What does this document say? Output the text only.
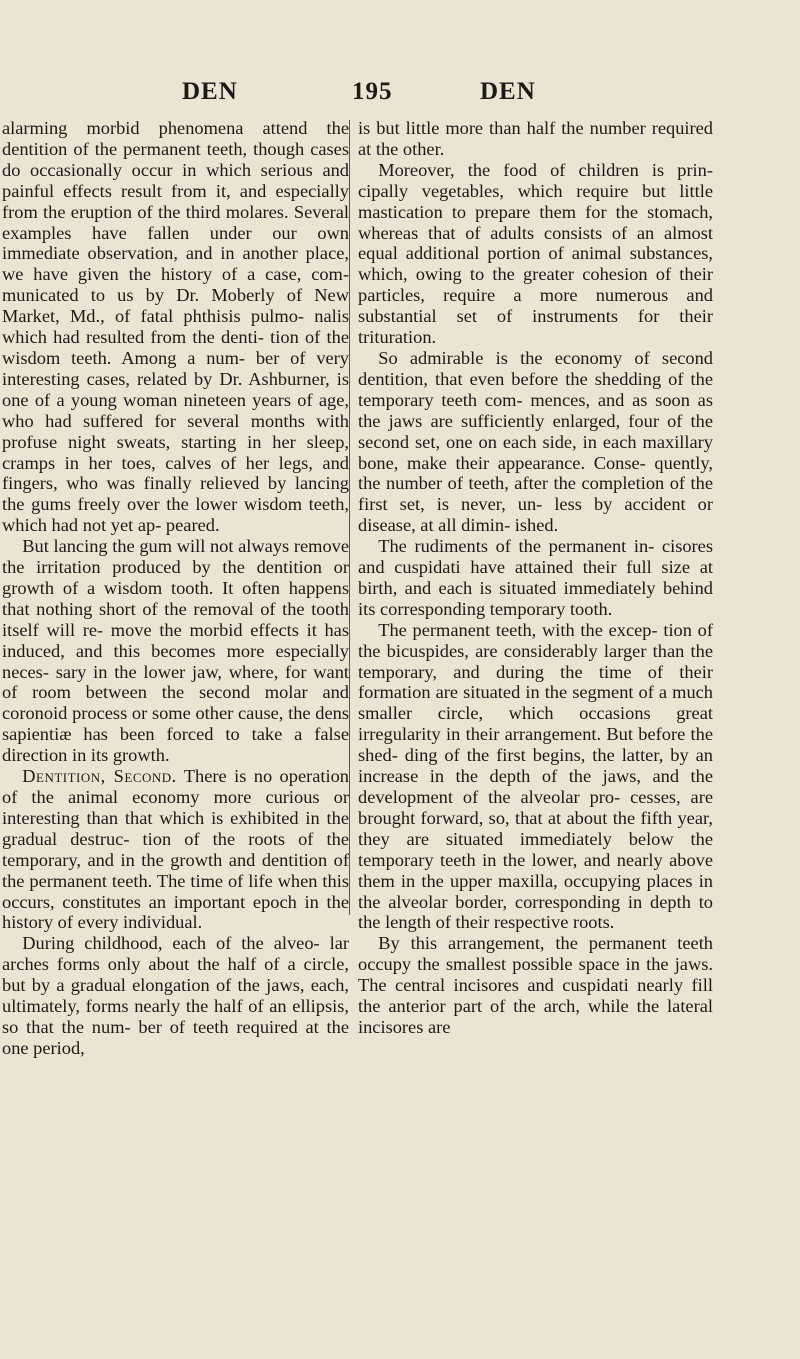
DEN	195	DEN

alarming morbid phenomena attend the dentition of the permanent teeth, though cases do occasionally occur in which serious and painful effects result from it, and especially from the eruption of the third molares. Several examples have fallen under our own immediate observation, and in another place, we have given the history of a case, com- municated to us by Dr. Moberly of New Market, Md., of fatal phthisis pulmo- nalis which had resulted from the denti- tion of the wisdom teeth. Among a num- ber of very interesting cases, related by Dr. Ashburner, is one of a young woman nineteen years of age, who had suffered for several months with profuse night sweats, starting in her sleep, cramps in her toes, calves of her legs, and fingers, who was finally relieved by lancing the gums freely over the lower wisdom teeth, which had not yet ap- peared.

But lancing the gum will not always remove the irritation produced by the dentition or growth of a wisdom tooth. It often happens that nothing short of the removal of the tooth itself will re- move the morbid effects it has induced, and this becomes more especially neces- sary in the lower jaw, where, for want of room between the second molar and coronoid process or some other cause, the dens sapientiæ has been forced to take a false direction in its growth.

Dentition, Second. There is no operation of the animal economy more curious or interesting than that which is exhibited in the gradual destruc- tion of the roots of the temporary, and in the growth and dentition of the permanent teeth. The time of life when this occurs, constitutes an important epoch in the history of every individual.

During childhood, each of the alveo- lar arches forms only about the half of a circle, but by a gradual elongation of the jaws, each, ultimately, forms nearly the half of an ellipsis, so that the num- ber of teeth required at the one period,

is but little more than half the number required at the other.

Moreover, the food of children is prin- cipally vegetables, which require but little mastication to prepare them for the stomach, whereas that of adults consists of an almost equal additional portion of animal substances, which, owing to the greater cohesion of their particles, require a more numerous and substantial set of instruments for their trituration.

So admirable is the economy of second dentition, that even before the shedding of the temporary teeth com- mences, and as soon as the jaws are sufficiently enlarged, four of the second set, one on each side, in each maxillary bone, make their appearance. Conse- quently, the number of teeth, after the completion of the first set, is never, un- less by accident or disease, at all dimin- ished.

The rudiments of the permanent in- cisores and cuspidati have attained their full size at birth, and each is situated immediately behind its corresponding temporary tooth.

The permanent teeth, with the excep- tion of the bicuspides, are considerably larger than the temporary, and during the time of their formation are situated in the segment of a much smaller circle, which occasions great irregularity in their arrangement. But before the shed- ding of the first begins, the latter, by an increase in the depth of the jaws, and the development of the alveolar pro- cesses, are brought forward, so, that at about the fifth year, they are situated immediately below the temporary teeth in the lower, and nearly above them in the upper maxilla, occupying places in the alveolar border, corresponding in depth to the length of their respective roots.

By this arrangement, the permanent teeth occupy the smallest possible space in the jaws. The central incisores and cuspidati nearly fill the anterior part of the arch, while the lateral incisores are
